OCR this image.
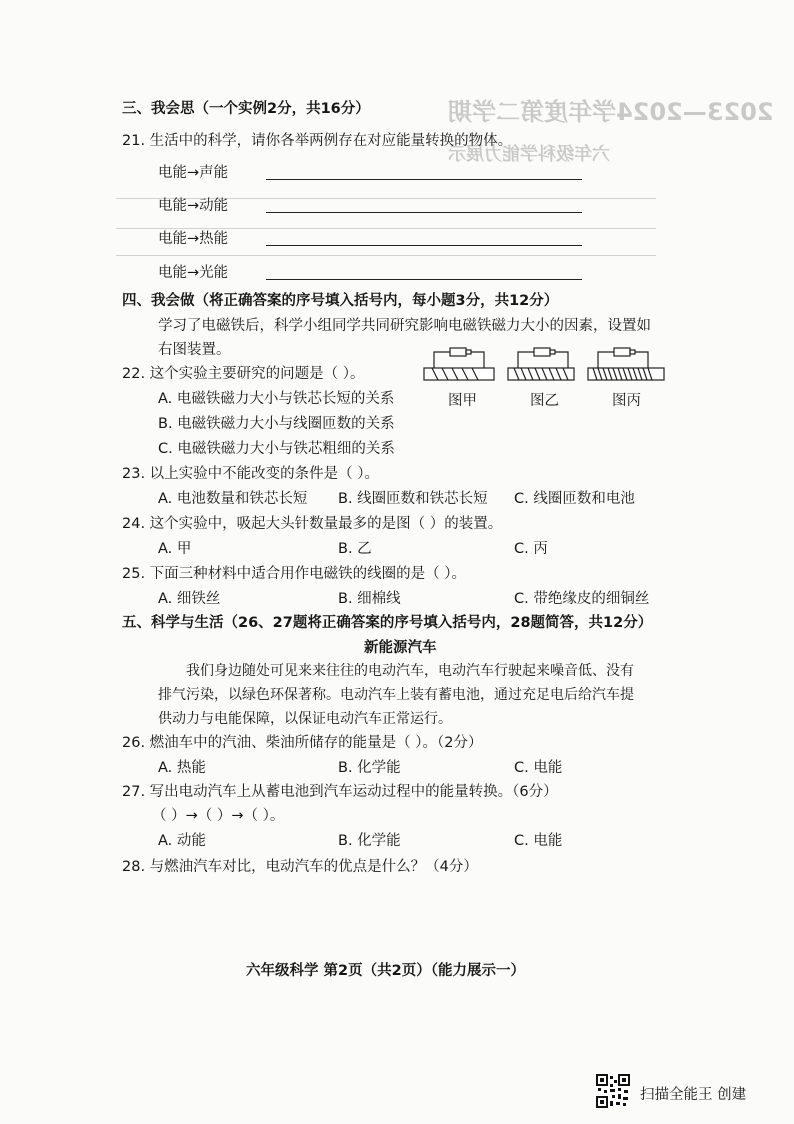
2023—2024学年度第二学期
六年级科学能力展示
三、我会思（一个实例2分，共16分）
21. 生活中的科学，请你各举两例存在对应能量转换的物体。
电能→声能
电能→动能
电能→热能
电能→光能
四、我会做（将正确答案的序号填入括号内，每小题3分，共12分）
学习了电磁铁后，科学小组同学共同研究影响电磁铁磁力大小的因素，设置如
右图装置。
图甲	图乙	图丙
22. 这个实验主要研究的问题是（ ）。
A. 电磁铁磁力大小与铁芯长短的关系
B. 电磁铁磁力大小与线圈匝数的关系
C. 电磁铁磁力大小与铁芯粗细的关系
23. 以上实验中不能改变的条件是（ ）。
A. 电池数量和铁芯长短 B. 线圈匝数和铁芯长短 C. 线圈匝数和电池
24. 这个实验中，吸起大头针数量最多的是图（ ）的装置。
A. 甲	B. 乙	C. 丙
25. 下面三种材料中适合用作电磁铁的线圈的是（ ）。
A. 细铁丝	B. 细棉线	C. 带绝缘皮的细铜丝
五、科学与生活（26、27题将正确答案的序号填入括号内，28题简答，共12分）
新能源汽车
我们身边随处可见来来往往的电动汽车，电动汽车行驶起来噪音低、没有
排气污染，以绿色环保著称。电动汽车上装有蓄电池，通过充足电后给汽车提
供动力与电能保障，以保证电动汽车正常运行。
26. 燃油车中的汽油、柴油所储存的能量是（ ）。（2分）
A. 热能	B. 化学能	C. 电能
27. 写出电动汽车上从蓄电池到汽车运动过程中的能量转换。（6分）
（ ）→（ ）→（ ）。
A. 动能	B. 化学能	C. 电能
28. 与燃油汽车对比，电动汽车的优点是什么？（4分）
六年级科学 第2页（共2页）（能力展示一）
扫描全能王 创建
